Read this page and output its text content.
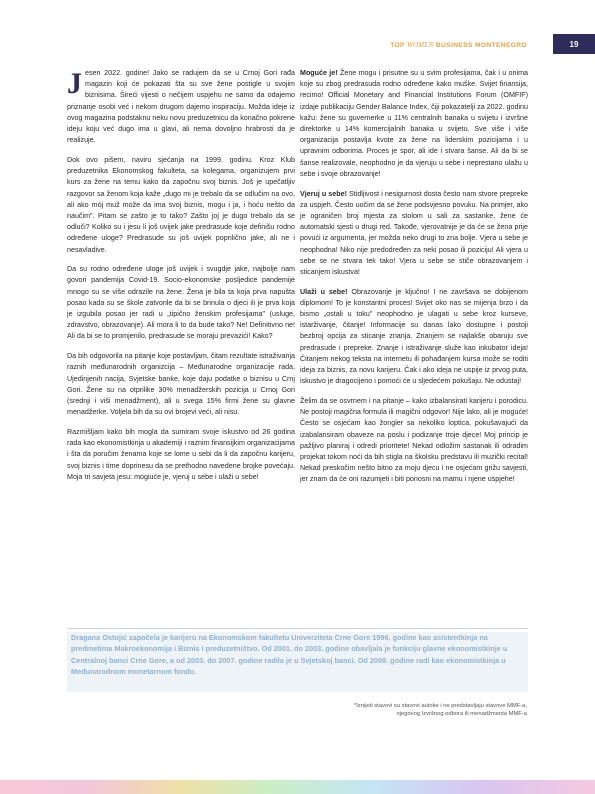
TOP WOMEN BUSINESS MONTENEGRO	19

Jesen 2022. godine! Jako se radujem da se u Crnoj Gori rađa magazin koji će pokazati šta su sve žene postigle u svojim biznisima. Šireći vijesti o nečijem uspjehu ne samo da odajemo priznanje osobi već i nekom drugom dajemo inspiraciju. Možda ideje iz ovog magazina podstaknu neku novu preduzetnicu da konačno pokrene ideju koju već dugo ima u glavi, ali nema dovoljno hrabrosti da je realizuje.

Dok ovo pišem, naviru sjećanja na 1999. godinu. Kroz Klub preduzetnika Ekonomskog fakulteta, sa kolegama, organizujem prvi kurs za žene na temu kako da započnu svoj biznis. Još je upečatljiv razgovor sa ženom koja kaže „dugo mi je trebalo da se odlučim na ovo, ali ako mój muž može da ima svoj biznis, mogu i ja, i hoću nešto da naučim". Pitam se zašto je to tako? Zašto joj je dugo trebalo da se odluči? Koliko su i jesu li još uvijek jake predrasude koje definišu rodno određene uloge? Predrasude su još uvijek poprilično jake, ali ne i nesavladive.

Da su rodno određene uloge još uvijek i svugdje jake, najbolje nam govori pandemija Covid-19. Socio-ekonomske posljedice pandemije mnogo su se više odrazile na žene. Žena je bila ta koja prva napušta posao kada su se škole zatvorile da bi se brinula o djeci ili je prva koja je izgubila posao jer radi u „tipično ženskim profesijama" (usluge, zdravstvo, obrazovanje). Ali mora li to da bude tako? Ne! Definitivno ne! Ali da bi se to promjenilo, predrasude se moraju prevazići! Kako?

Da bih odgovorila na pitanje koje postavljam, čitam rezultate istraživanja raznih međunarodnih organizcija – Međunarodne organizacije rada, Ujedinjenih nacija, Svjetske banke, koje daju podatke o biznisu u Crnj Gori. Žene su na otprilike 30% menadžerskih pozicija u Crnoj Gori (srednji i viši menadžment), ali u svega 15% firmi žene su glavne menadžerke. Voljela bih da su ovi brojevi veći, ali nisu.

Razmišljam kako bih mogla da sumiram svoje iskustvo od 26 godina rada kao ekonomistkinja u akademiji i raznim finansijkim organizacijama i šta da poručim ženama koje se lome u sebi da li da započnu karijeru, svoj biznis i time doprinesu da se prethodno navedene brojke povećaju. Moja tri savjeta jesu: mogiuće je, vjeruj u sebe i ulaži u sebe!

Moguće je! Žene mogu i prisutne su u svim profesijama, čak i u onima koje su zbog predrasuda rodno određene kako muške. Svijet finansija, recimo! Official Monetary and Financial Institutions Forum (OMFIF) izdaje publikaciju Gender Balance Index, čiji pokazatelji za 2022. godinu kažu: žene su guvernerke u 11% centralnih banaka u svijetu i izvršne direktorke u 14% komercijalnih banaka u svijetu. Sve više i više organizacija postavlja kvote za žene na liderskim pozicijama i u upravnim odborima. Proces je spor, ali ide i stvara šanse. Ali da bi se šanse realizovale, neophodno je da vjeruju u sebe i neprestano ulažu u sebe i svoje obrazovanje!

Vjeruj u sebe! Stidljivost i nesigurnost dosta često nam stvore prepreke za uspjeh. Često uočim da se žene podsvjesno povuku. Na primjer, ako je ograničen broj mjesta za stolom u sali za sastanke, žene će automatski sjesti u drugi red. Takođe, vjerovatnije je da će se žena prije povući iz argumenta, jer možda neko drugi to zna bolje. Vjera u sebe je neophodna! Niko nije predodređen za neki posao ili poziciju! Ali vjera u sebe se ne stvara tek tako! Vjera u sebe se stiče obrazovanjem i sticanjem iskustva!

Ulaži u sebe! Obrazovanje je ključno! I ne završava se dobijenom diplomom! To je konstantni proces! Svijet oko nas se mijenja brzo i da bismo „ostali u toku" neophodno je ulagati u sebe kroz kurseve, istarživanje, čitanje! Informacije su danas lako dostupne i postoji bezbroj opcija za sticanje znanja. Znanjem se najlakše obaruju sve predrasude i prepreke. Znanje i istraživanje služe kao inkubator ideja! Čitanjem nekog teksta na internetu ili pohađanjem kursa može se roditi ideja za biznis, za novu karijeru. Čak i ako ideja ne uspije iz prvog puta, iskustvo je dragocijeno i pomoći će u sljedećem pokušaju. Ne odustaj!

Želim da se osvrnem i na pitanje – kako izbalansirati karijeru i porodicu. Ne postoji magična formula ili magični odgovor! Nije lako, ali je moguće! Često se osjećam kao žongler sa nekoliko loptica, pokušavajući da izabalansiram obaveze na poslu i podizanje troje djece! Moj princip je pažljivo planiraj i odredi prioritete! Nekad odložim sastanak ili odradim projekat tokom noći da bih stigla na školsku predstavu ili muzički recital! Nekad preskočim nešto bitno za moju djecu i ne osjećam grižu savjesti, jer znam da će oni razumjeti i biti ponosni na mamu i njene uspjehe!

Dragana Ostojić započela je karijeru na Ekonomskom fakultetu Univerziteta Crne Gore 1996. godine kao asistentkinja na predmetima Makroekonomija i Biznis i preduzetništvo. Od 2001. do 2003. godine obavljala je funkciju glavne ekonomistkinje u Centralnoj banci Crne Gore, a od 2003. do 2007. godine radila je u Svjetskoj banci. Od 2009. godine radi kao ekonomistkinja u Međunarodnom monetarnom fondu.
*Iznijeti stavovi su stavovi autoke i ne predstavljaju stavove MMF-a,
njegovog Izvršnog odbora ili menadžmenta MMF-a
